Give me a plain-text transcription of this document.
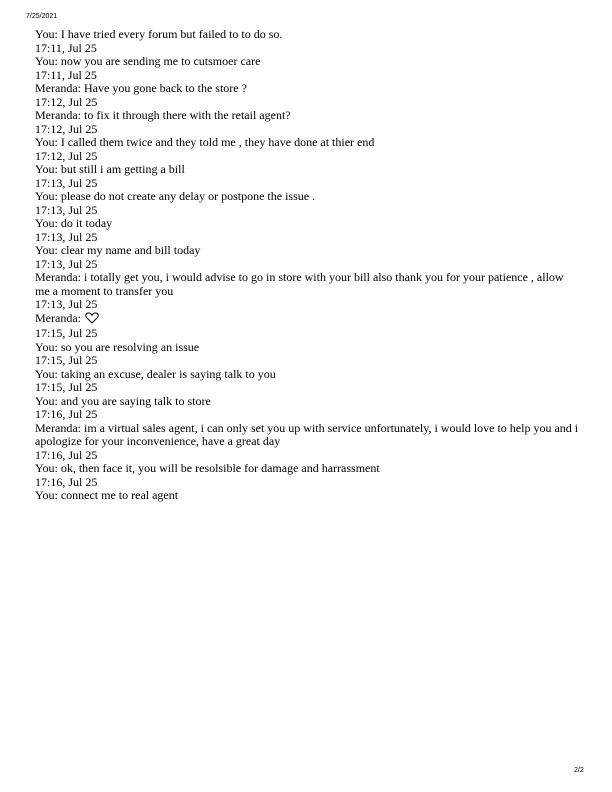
7/25/2021
You: I have tried every forum but failed to to do so.
17:11, Jul 25
You: now you are sending me to cutsmoer care
17:11, Jul 25
Meranda: Have you gone back to the store ?
17:12, Jul 25
Meranda: to fix it through there with the retail agent?
17:12, Jul 25
You: I called them twice and they told me , they have done at thier end
17:12, Jul 25
You: but still i am getting a bill
17:13, Jul 25
You: please do not create any delay or postpone the issue .
17:13, Jul 25
You: do it today
17:13, Jul 25
You: clear my name and bill today
17:13, Jul 25
Meranda: i totally get you, i would advise to go in store with your bill also thank you for your patience , allow me a moment to transfer you
17:13, Jul 25
Meranda:
17:15, Jul 25
You: so you are resolving an issue
17:15, Jul 25
You: taking an excuse, dealer is saying talk to you
17:15, Jul 25
You: and you are saying talk to store
17:16, Jul 25
Meranda: im a virtual sales agent, i can only set you up with service unfortunately, i would love to help you and i apologize for your inconvenience, have a great day
17:16, Jul 25
You: ok, then face it, you will be resolsible for damage and harrassment
17:16, Jul 25
You: connect me to real agent
2/2
